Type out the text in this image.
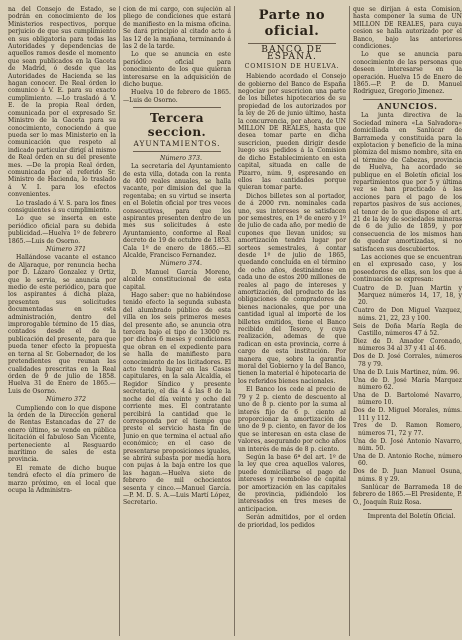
na del Consejo de Estado, se podrán en conocimiento de los Ministerios respectivos, porque perjuicio de que sus cumplimiento en sus obligatoria para todas las Autoridades y dependencias de aquellos ramos desde el momento que sean publicados en la Gaceta de Madrid, ó desde que las Autoridades de Hacienda se las hagan conocer. De Real órden lo comunico á V. E. para su exacto cumplimiento. —Lo trasladó á V. E. de la propia Real órden, comunicada por el expresado Sr. Ministro de la Gaceta para su conocimiento, conociendo á que pueda ser lo mas Ministerio en la comunicación que respeto al indicado particular dirigí al mismo de Real órden en su del presente mes. —De la propia Real órden, comunicada por el referido Sr. Ministro de Hacienda, lo traslado á V. I. para los efectos convenientes.

Lo traslado á V. S. para los fines consiguientes á su cumplimiento.

Lo que se inserta en este periódico oficial para su debida publicidad.—Huelva 1º de febrero 1865.—Luis de Osorno.

Número 371

Hallándose vacante el estanco de Aljaraque, por renuncia hecha por D. Lázaro Gonzalez y Ortiz, que le servia, se anuncia por medio de este periódico, para que los aspirantes á dicha plaza, presenten sus solicitudes documentadas en esta administración, dentro del improrogable término de 15 días, contados desde el de la publicación del presente, para que pueda tener efecto la propuesta en terna al Sr. Gobernador, de los pretendientes que reunan las cualidades prescritas en la Real órden de 9 de julio de 1858. Huelva 31 de Enero de 1865.—Luis de Osorno.

Número 372

Cumpliendo con lo que dispone la órden de la Dirección general de Rentas Estancadas de 27 de enero último, se vende en pública licitación el fabuloso San Vicente, perteneciente al Resguardo marítimo de sales de esta provincia.

El remate de dicho buque tendrá efecto el día primero de marzo próximo, en el local que ocupa la Administra-

cion de mi cargo, con sujeción al pliego de condiciones que estará de manifiesto en la misma oficina. Se dará principio al citado acto á las 12 de la mañana, terminando á las 2 de la tarde.

Lo que se anuncia en este periódico oficial para conocimiento de los que quieran interesarse en la adquisición de dicho buque.

Huelva 10 de febrero de 1865.—Luis de Osorno.

Tercera seccion.
AYUNTAMIENTOS.

Número 373.

La secretaría del Ayuntamiento de esta villa, dotada con la renta de 400 reales anuales, se halla vacante, por dimision del que la regentaba; en su virtud se inserta en el Boletín oficial por tres veces consecutivas, para que los aspirantes presenten dentro de un mes sus solicitudes á este Ayuntamiento, conforme al Real decreto de 19 de octubre de 1853. Cala 1º de enero de 1865.—El Alcalde, Francisco Fernandez.

Número 374.

D. Manuel García Moreno, alcalde constitucional de esta capital.

Hago saber: que no habiéndose tenido efecto la segunda subasta del alumbrado público de esta villa en los seis primeros meses del presente año, se anuncia otra tercera bajo el tipo de 13000 rs. por dichos 6 meses y condiciones que obran en el expediente para se halla de manifiesto para conocimiento de los licitadores. El acto tendrá lugar en las Casas capitulares, en la sala Alcaldía, el Regidor Síndico y presente secretario, el dia 4 á las 8 de la noche del día veinte y ocho del corriente mes. El contratante percibirá la cantidad que le corresponda por el tiempo que preste el servicio hasta fin de Junio en que termina el actual año económico; en el caso de presentarse proposiciones iguales, se abrirá subasta por media hora con pujas á la baja entre los que las hagan.—Huelva siete de febrero de mil ochocientos sesenta y cinco.—Manuel García.—P. M. D. S. A.—Luis Martí López, Secretario.

Parte no oficial.
BANCO DE ESPAÑA.
COMISION DE HUELVA.

Habiendo acordado el Consejo de gobierno del Banco de España negociar por suscricion una parte de los billetes hipotecarios de su propiedad de los autorizados por la ley de 26 de junio último, hasta la concurrencia, por ahora, de UN MILLON DE REALES, hasta que desea tomar parte en dicha suscricion, pueden dirigir desde luego sus pedidos á la Comision de dicho Establecimiento en esta capital, situada en calle de Pizarro, núm. 9, espresando en ellos las cantidades porque quieran tomar parte.

Dichos billetes son al portador, de á 2000 rvn. nominales cada uno, sus intereses se satisfacen por semestres, en 1º de enero y 1º de julio de cada año, por medio de cupones que llevan unidos; su amortización tendrá lugar por sorteos semestrales, á contar desde 1º de julio de 1865, quedando concluida en el término de ocho años, destinándose en cada uno de estos 200 millones de reales al pago de intereses y amortización, del producto de las obligaciones de compradores de bienes nacionales, que por una cantidad igual al importe de los billetes emitidos, tiene el Banco recibido del Tesoro, y cuya realización, ademas de que radican en esta provincia, corre á cargo de esta institución. Por manera que, sobre la garantía moral del Gobierno y la del Banco, tienen la material é hipotecaria de los referidos bienes nacionales.

El Banco los cede al precio de 79 y 2 p. ciento de descuento al uno de 8 p. ciento por la suma al interés fijo de 6 p. ciento al proporcionar la amortización de uno de 9 p. ciento, en favor de los que se interesan en esta clase de valores, asegurando por ocho años un interés de más de 8 p. ciento.

Según la base 6ª del art. 1º de la ley que crea aquellos valores, puede domiciliarse el pago de intereses y reembolso de capital por amortización en las capitales de provincia, pidiéndolo los interesados en tres meses de anticipacion.

Serán admitidos, por el orden de prioridad, los pedidos

que se dirijan á esta Comision, hasta componer la suma de UN MILLON DE REALES, para cuya cesion se halla autorizado por el Banco, bajo las anteriores condiciones.

Lo que se anuncia para conocimiento de las personas que deseen interesarse en la operación. Huelva 15 de Enero de 1865.—P. P. de D. Manuel Rodriguez, Gregorio Jimenez.

ANUNCIOS.

La junta directiva de la Sociedad minera «La Salvadora» domiciliada en Sanlúcar de Barrameda y constituida para la explotacion y beneficio de la mina plomiza del mismo nombre, sita en el término de Cabezas, provincia de Huelva, ha acordado se publique en el Boletín oficial los repartimientos que por 5 y última vez se han practicado á las acciones para el pago de los repartos pasivos de sus acciones, el tenor de lo que dispone el art. 21 de la ley de sociedades mineras de 6 de julio de 1859, y por consecuencia de los mismos han de quedar amortizadas, si no satisfacen sus descubiertos.

Las acciones que se encuentran en el expresado caso, y los poseedores de ellas, son los que á continuación se expresan:

Cuatro de D. Juan Martin y Marquez números 14, 17, 18, y 20.

Cuatro de Don Miguel Vazquez, núms. 21, 22, 23 y 100.

Seis de Doña María Regla de Castillo, números 47 á 52.

Diez de D. Amador Coronado, números 34 al 37 y 41 al 46.

Dos de D. José Corrales, números 78 y 79.

Una de D. Luis Martinez, núm. 96.

Una de D. José María Marquez número 62.

Una de D. Bartolomé Navarro, número 10.

Dos de D. Miguel Morales, núms. 111 y 112.

Tres de D. Ramon Romero, números 71, 72 y 77.

Una de D. José Antonio Navarro, núm. 50.

Una de D. Antonio Roche, número 60.

Dos de D. Juan Manuel Osuna, núms. 8 y 29.

Sanlúcar de Barrameda 18 de febrero de 1865.—El Presidente, P. O., Joaquín Ruiz Rosa.

Imprenta del Boletín Oficial.
